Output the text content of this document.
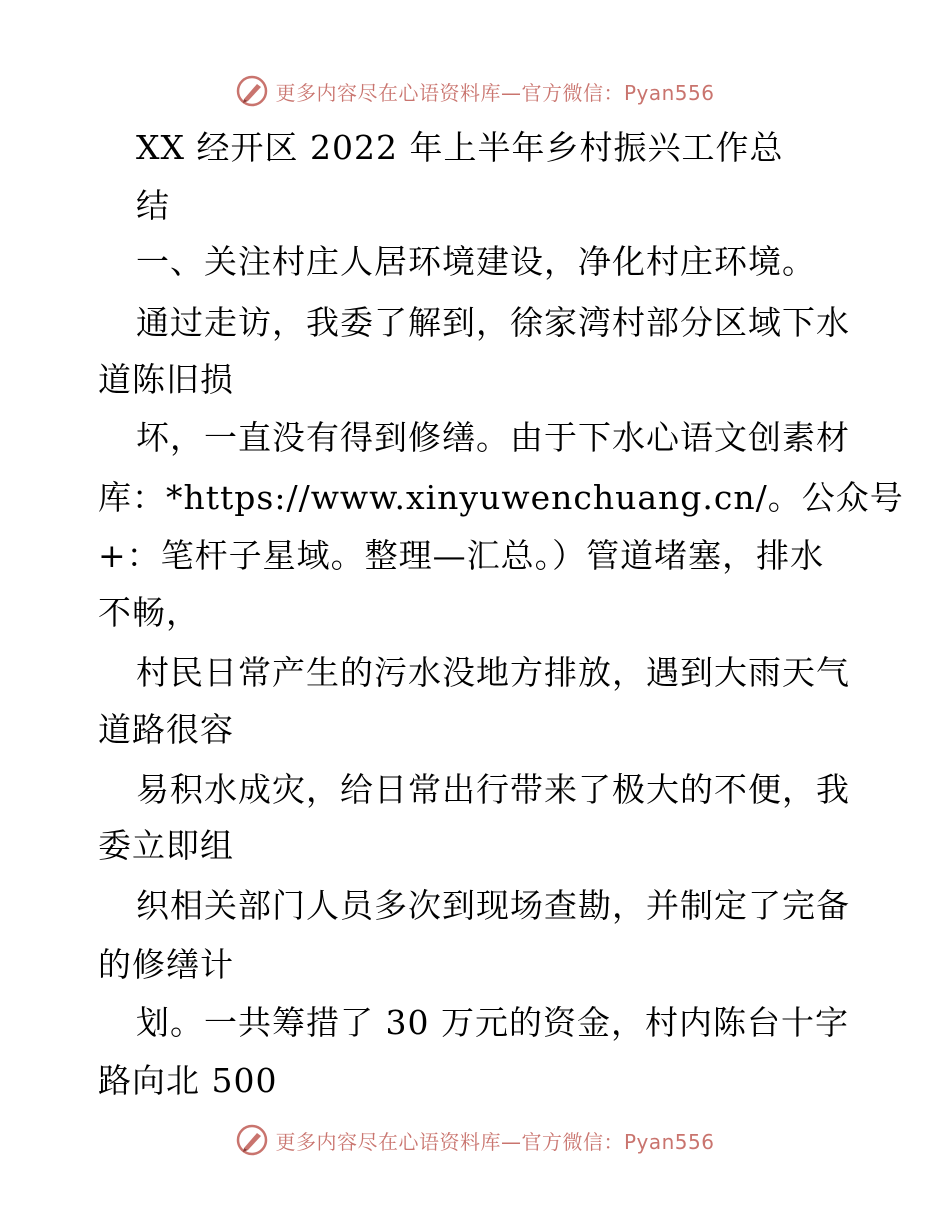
更多内容尽在心语资料库—官方微信：Pyan556
XX 经开区 2022 年上半年乡村振兴工作总
结
一、关注村庄人居环境建设，净化村庄环境。
通过走访，我委了解到，徐家湾村部分区域下水
道陈旧损
坏，一直没有得到修缮。由于下水心语文创素材
库：*https://www.xinyuwenchuang.cn/。公众号
+：笔杆子星域。整理—汇总。）管道堵塞，排水
不畅，
村民日常产生的污水没地方排放，遇到大雨天气
道路很容
易积水成灾，给日常出行带来了极大的不便，我
委立即组
织相关部门人员多次到现场查勘，并制定了完备
的修缮计
划。一共筹措了 30 万元的资金，村内陈台十字
路向北 500
更多内容尽在心语资料库—官方微信：Pyan556
